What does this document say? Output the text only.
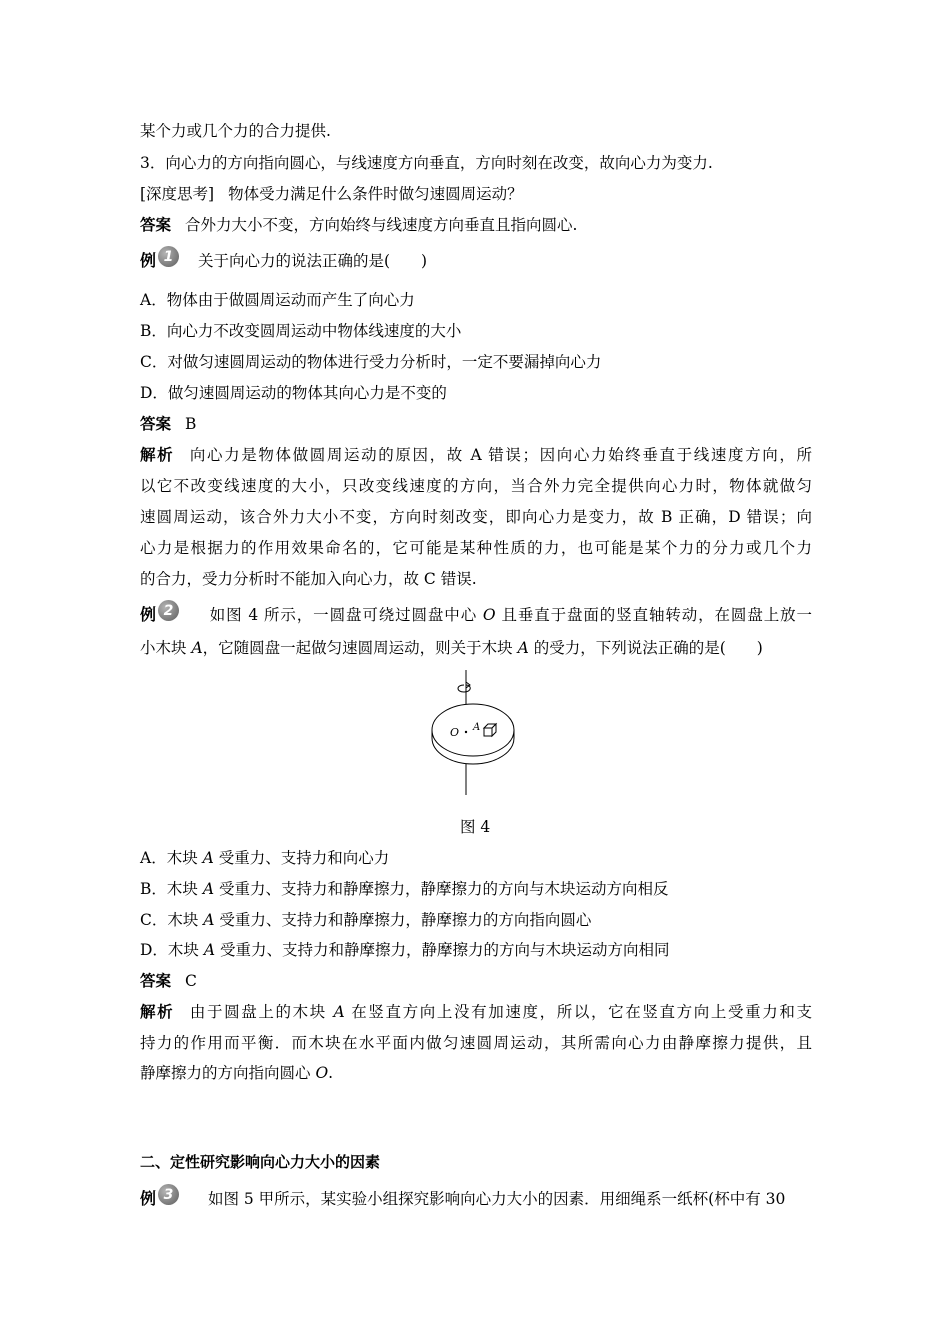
某个力或几个力的合力提供.
3．向心力的方向指向圆心，与线速度方向垂直，方向时刻在改变，故向心力为变力.
[深度思考] 物体受力满足什么条件时做匀速圆周运动？
答案 合外力大小不变，方向始终与线速度方向垂直且指向圆心.
例 1	关于向心力的说法正确的是(　　)
A．物体由于做圆周运动而产生了向心力
B．向心力不改变圆周运动中物体线速度的大小
C．对做匀速圆周运动的物体进行受力分析时，一定不要漏掉向心力
D．做匀速圆周运动的物体其向心力是不变的
答案 B
解析 向心力是物体做圆周运动的原因，故 A 错误；因向心力始终垂直于线速度方向，所
以它不改变线速度的大小，只改变线速度的方向，当合外力完全提供向心力时，物体就做匀
速圆周运动，该合外力大小不变，方向时刻改变，即向心力是变力，故 B 正确，D 错误；向
心力是根据力的作用效果命名的，它可能是某种性质的力，也可能是某个力的分力或几个力
的合力，受力分析时不能加入向心力，故 C 错误.
例 2	如图 4 所示，一圆盘可绕过圆盘中心 O 且垂直于盘面的竖直轴转动，在圆盘上放一
小木块 A，它随圆盘一起做匀速圆周运动，则关于木块 A 的受力，下列说法正确的是(　　)
O A
图 4
A．木块 A 受重力、支持力和向心力
B．木块 A 受重力、支持力和静摩擦力，静摩擦力的方向与木块运动方向相反
C．木块 A 受重力、支持力和静摩擦力，静摩擦力的方向指向圆心
D．木块 A 受重力、支持力和静摩擦力，静摩擦力的方向与木块运动方向相同
答案 C
解析 由于圆盘上的木块 A 在竖直方向上没有加速度，所以，它在竖直方向上受重力和支
持力的作用而平衡．而木块在水平面内做匀速圆周运动，其所需向心力由静摩擦力提供，且
静摩擦力的方向指向圆心 O.
二、定性研究影响向心力大小的因素
例 3	如图 5 甲所示，某实验小组探究影响向心力大小的因素．用细绳系一纸杯(杯中有 30
